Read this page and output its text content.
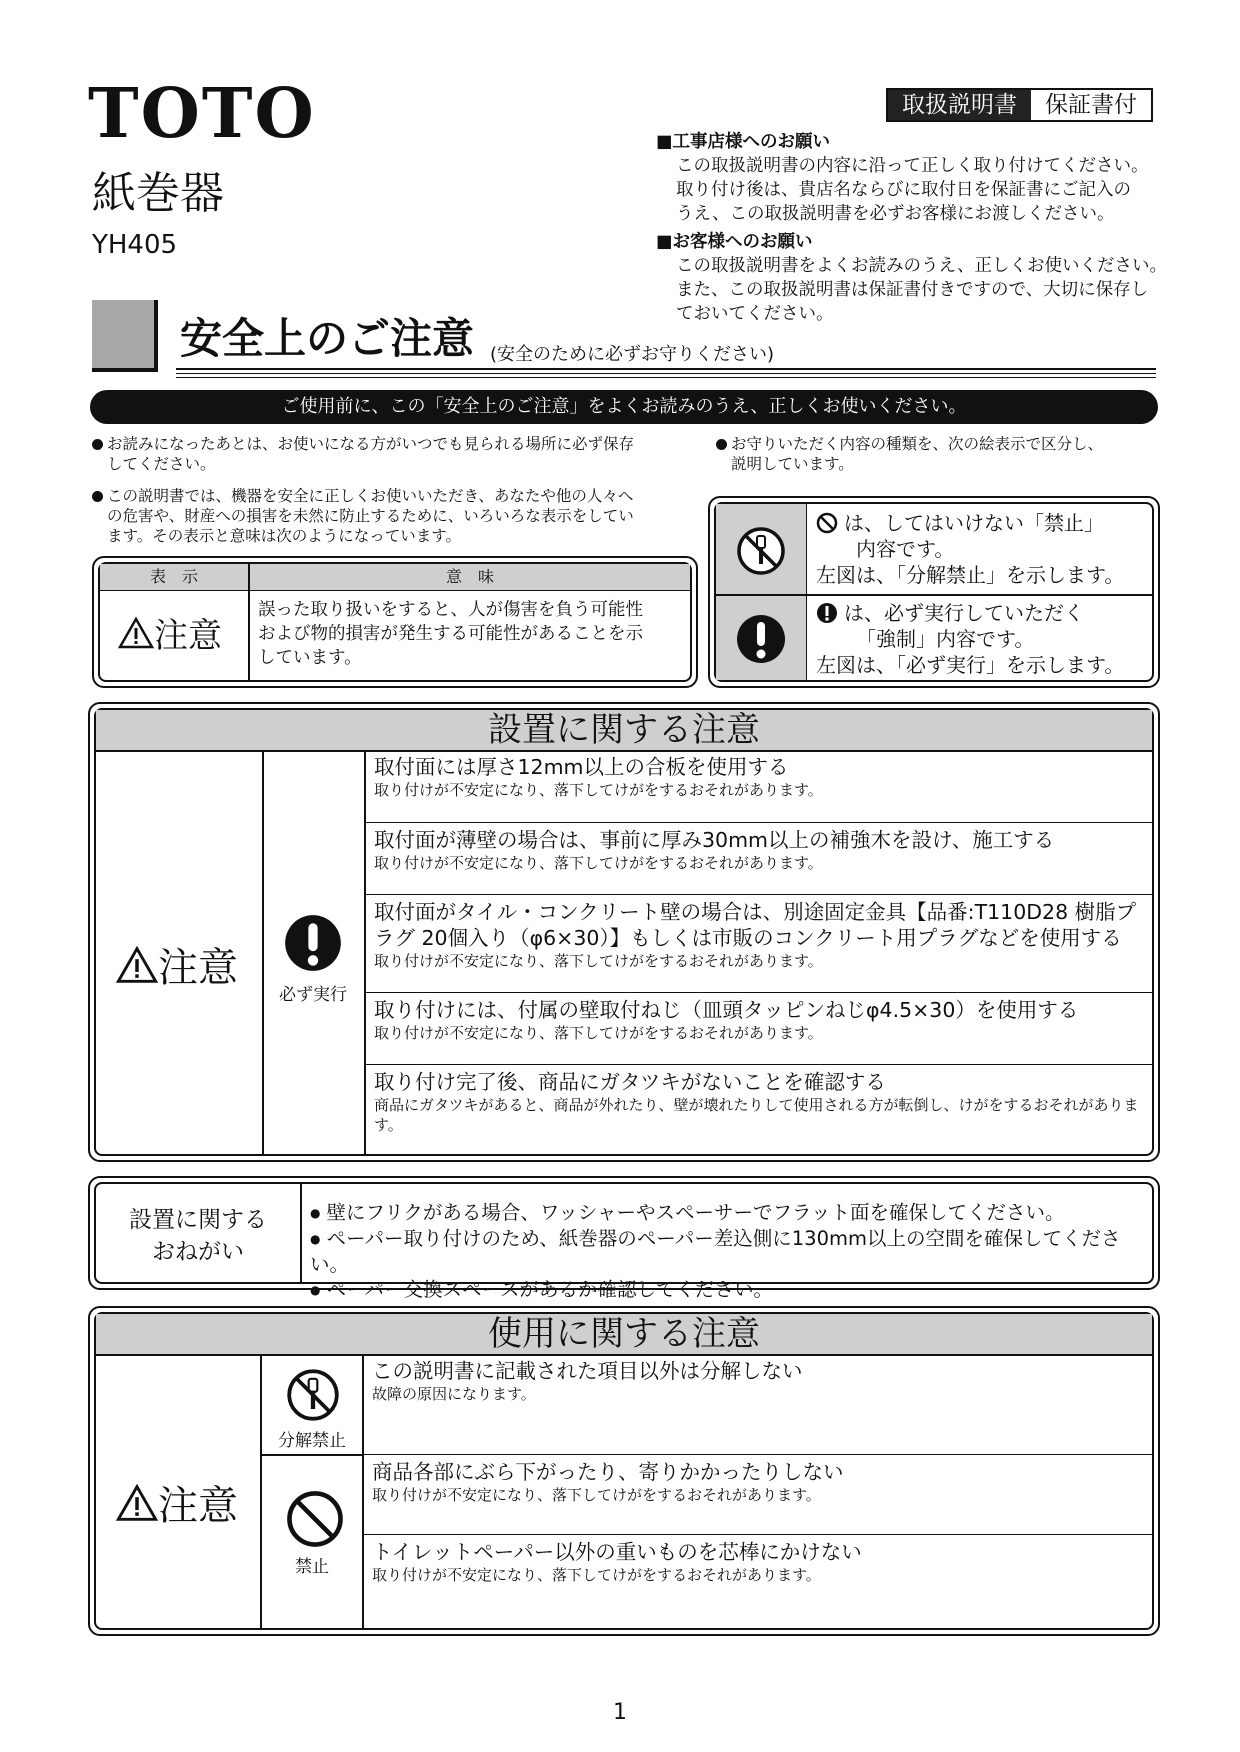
TOTO
紙巻器
YH405
取扱説明書	保証書付
■工事店様へのお願い
この取扱説明書の内容に沿って正しく取り付けてください。
取り付け後は、貴店名ならびに取付日を保証書にご記入の
うえ、この取扱説明書を必ずお客様にお渡しください。
■お客様へのお願い
この取扱説明書をよくお読みのうえ、正しくお使いください。
また、この取扱説明書は保証書付きですので、大切に保存し
ておいてください。
安全上のご注意 (安全のために必ずお守りください)
ご使用前に、この「安全上のご注意」をよくお読みのうえ、正しくお使いください。
お読みになったあとは、お使いになる方がいつでも見られる場所に必ず保存
してください。
この説明書では、機器を安全に正しくお使いいただき、あなたや他の人々へ
の危害や、財産への損害を未然に防止するために、いろいろな表示をしてい
ます。その表示と意味は次のようになっています。
お守りいただく内容の種類を、次の絵表示で区分し、
説明しています。
表　示	意　味
注意
誤った取り扱いをすると、人が傷害を負う可能性
および物的損害が発生する可能性があることを示
しています。
は、してはいけない「禁止」
内容です。
左図は、「分解禁止」を示します。
は、必ず実行していただく
「強制」内容です。
左図は、「必ず実行」を示します。
設置に関する注意
注意
必ず実行
取付面には厚さ12mm以上の合板を使用する
取り付けが不安定になり、落下してけがをするおそれがあります。
取付面が薄壁の場合は、事前に厚み30mm以上の補強木を設け、施工する
取り付けが不安定になり、落下してけがをするおそれがあります。
取付面がタイル・コンクリート壁の場合は、別途固定金具【品番:T110D28 樹脂プラグ 20個入り（φ6×30）】もしくは市販のコンクリート用プラグなどを使用する
取り付けが不安定になり、落下してけがをするおそれがあります。
取り付けには、付属の壁取付ねじ（皿頭タッピンねじφ4.5×30）を使用する
取り付けが不安定になり、落下してけがをするおそれがあります。
取り付け完了後、商品にガタツキがないことを確認する
商品にガタツキがあると、商品が外れたり、壁が壊れたりして使用される方が転倒し、けがをするおそれがあります。
設置に関する
おねがい
● 壁にフリクがある場合、ワッシャーやスペーサーでフラット面を確保してください。
● ペーパー取り付けのため、紙巻器のペーパー差込側に130mm以上の空間を確保してください。
● ペーパー交換スペースがあるか確認してください。
使用に関する注意
注意
分解禁止
禁止
この説明書に記載された項目以外は分解しない
故障の原因になります。
商品各部にぶら下がったり、寄りかかったりしない
取り付けが不安定になり、落下してけがをするおそれがあります。
トイレットペーパー以外の重いものを芯棒にかけない
取り付けが不安定になり、落下してけがをするおそれがあります。
1
